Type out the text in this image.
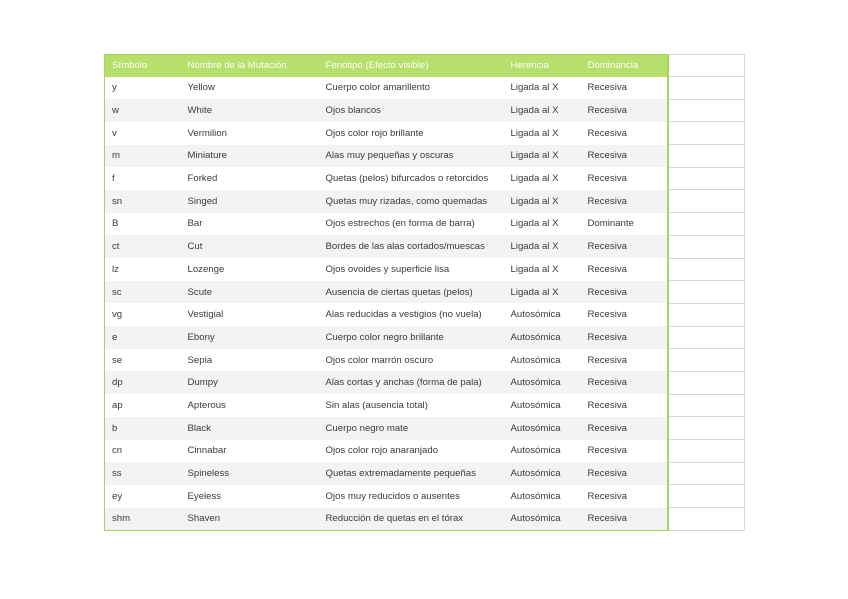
Símbolo	Nombre de la Mutación	Fenotipo (Efecto visible)	Herencia	Dominancia	
y	Yellow	Cuerpo color amarillento	Ligada al X	Recesiva	
w	White	Ojos blancos	Ligada al X	Recesiva	
v	Vermilion	Ojos color rojo brillante	Ligada al X	Recesiva	
m	Miniature	Alas muy pequeñas y oscuras	Ligada al X	Recesiva	
f	Forked	Quetas (pelos) bifurcados o retorcidos	Ligada al X	Recesiva	
sn	Singed	Quetas muy rizadas, como quemadas	Ligada al X	Recesiva	
B	Bar	Ojos estrechos (en forma de barra)	Ligada al X	Dominante	
ct	Cut	Bordes de las alas cortados/muescas	Ligada al X	Recesiva	
lz	Lozenge	Ojos ovoides y superficie lisa	Ligada al X	Recesiva	
sc	Scute	Ausencia de ciertas quetas (pelos)	Ligada al X	Recesiva	
vg	Vestigial	Alas reducidas a vestigios (no vuela)	Autosómica	Recesiva	
e	Ebony	Cuerpo color negro brillante	Autosómica	Recesiva	
se	Sepia	Ojos color marrón oscuro	Autosómica	Recesiva	
dp	Dumpy	Alas cortas y anchas (forma de pala)	Autosómica	Recesiva	
ap	Apterous	Sin alas (ausencia total)	Autosómica	Recesiva	
b	Black	Cuerpo negro mate	Autosómica	Recesiva	
cn	Cinnabar	Ojos color rojo anaranjado	Autosómica	Recesiva	
ss	Spineless	Quetas extremadamente pequeñas	Autosómica	Recesiva	
ey	Eyeless	Ojos muy reducidos o ausentes	Autosómica	Recesiva	
shm	Shaven	Reducción de quetas en el tórax	Autosómica	Recesiva	
